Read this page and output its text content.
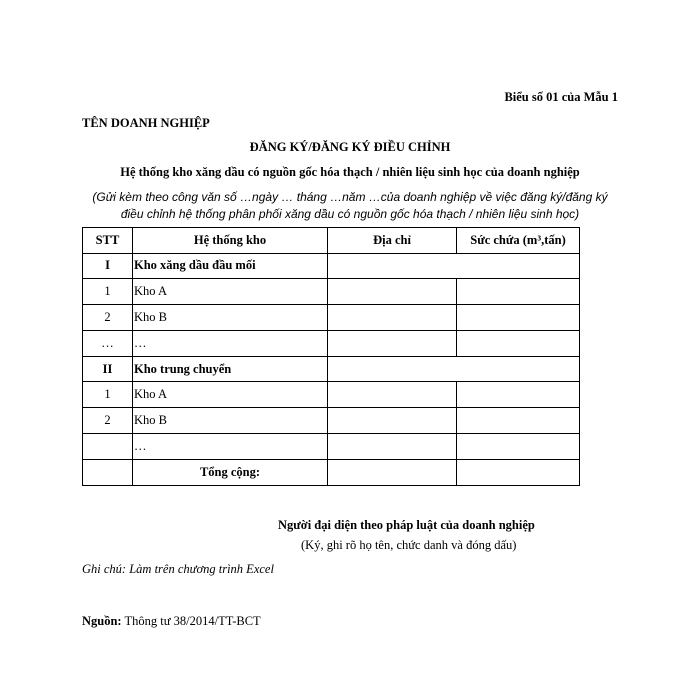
Biểu số 01 của Mẫu 1
TÊN DOANH NGHIỆP
ĐĂNG KÝ/ĐĂNG KÝ ĐIỀU CHỈNH
Hệ thống kho xăng dầu có nguồn gốc hóa thạch / nhiên liệu sinh học của doanh nghiệp
(Gửi kèm theo công văn số …ngày … tháng …năm …của doanh nghiệp về việc đăng ký/đăng ký điều chỉnh hệ thống phân phối xăng dầu có nguồn gốc hóa thạch / nhiên liệu sinh học)
STT	Hệ thống kho	Địa chỉ	Sức chứa (m³,tấn)
I	Kho xăng dầu đầu mối		
1	Kho A		
2	Kho B		
…	…		
II	Kho trung chuyển		
1	Kho A		
2	Kho B		
	…		
	Tổng cộng:		
Người đại diện theo pháp luật của doanh nghiệp
(Ký, ghi rõ họ tên, chức danh và đóng dấu)
Ghi chú: Làm trên chương trình Excel
Nguồn: Thông tư 38/2014/TT-BCT
